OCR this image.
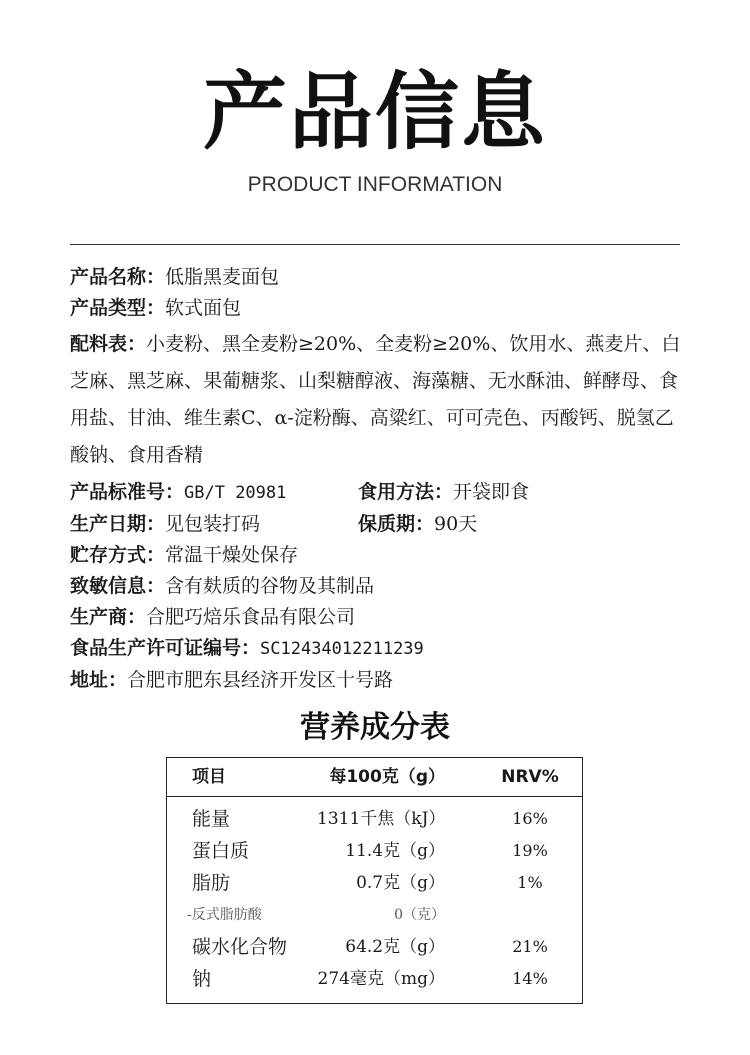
产品信息
PRODUCT INFORMATION
产品名称：低脂黑麦面包
产品类型：软式面包
配料表：小麦粉、黑全麦粉≥20%、全麦粉≥20%、饮用水、燕麦片、白芝麻、黑芝麻、果葡糖浆、山梨糖醇液、海藻糖、无水酥油、鲜酵母、食用盐、甘油、维生素C、α-淀粉酶、高粱红、可可壳色、丙酸钙、脱氢乙酸钠、食用香精
产品标准号：GB/T 20981	食用方法：开袋即食
生产日期：见包装打码	保质期：90天
贮存方式：常温干燥处保存
致敏信息：含有麸质的谷物及其制品
生产商：合肥巧焙乐食品有限公司
食品生产许可证编号：SC12434012211239
地址：合肥市肥东县经济开发区十号路
营养成分表
项目	每100克（g）	NRV%
能量	1311千焦（kJ）	16%
蛋白质	11.4克（g）	19%
脂肪	0.7克（g）	1%
-反式脂肪酸	0（克）
碳水化合物	64.2克（g）	21%
钠	274毫克（mg）	14%
